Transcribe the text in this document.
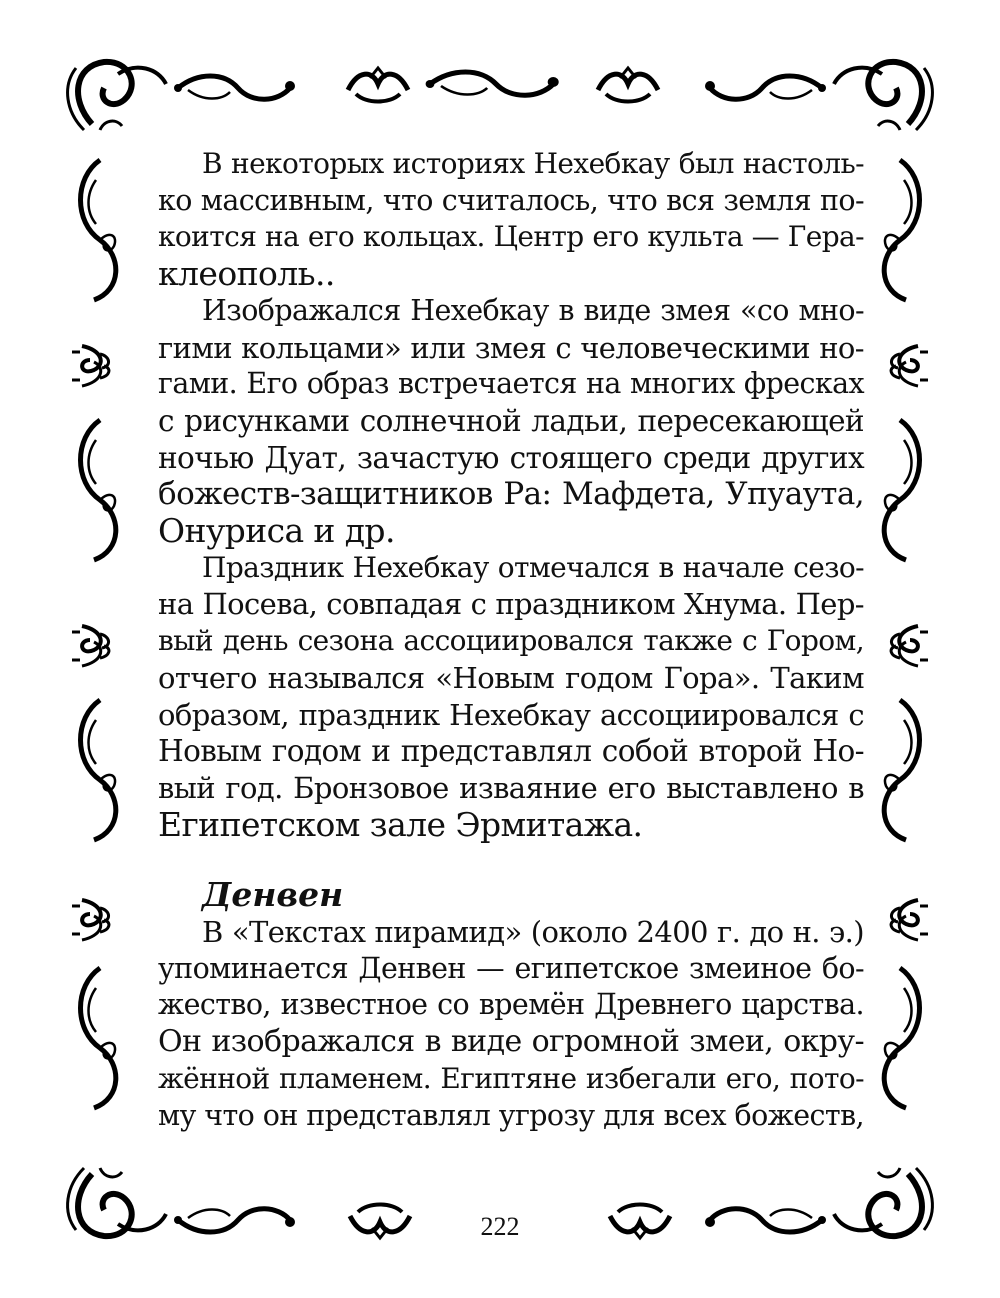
В некоторых историях Нехебкау был настоль-
ко массивным, что считалось, что вся земля по-
коится на его кольцах. Центр его культа — Гера-
клеополь..
Изображался Нехебкау в виде змея «со мно-
гими кольцами» или змея с человеческими но-
гами. Его образ встречается на многих фресках
с рисунками солнечной ладьи, пересекающей
ночью Дуат, зачастую стоящего среди других
божеств-защитников Ра: Мафдета, Упуаута,
Онуриса и др.
Праздник Нехебкау отмечался в начале сезо-
на Посева, совпадая с праздником Хнума. Пер-
вый день сезона ассоциировался также с Гором,
отчего назывался «Новым годом Гора». Таким
образом, праздник Нехебкау ассоциировался с
Новым годом и представлял собой второй Но-
вый год. Бронзовое изваяние его выставлено в
Египетском зале Эрмитажа.
Денвен
В «Текстах пирамид» (около 2400 г. до н. э.)
упоминается Денвен — египетское змеиное бо-
жество, известное со времён Древнего царства.
Он изображался в виде огромной змеи, окру-
жённой пламенем. Египтяне избегали его, пото-
му что он представлял угрозу для всех божеств,
222
